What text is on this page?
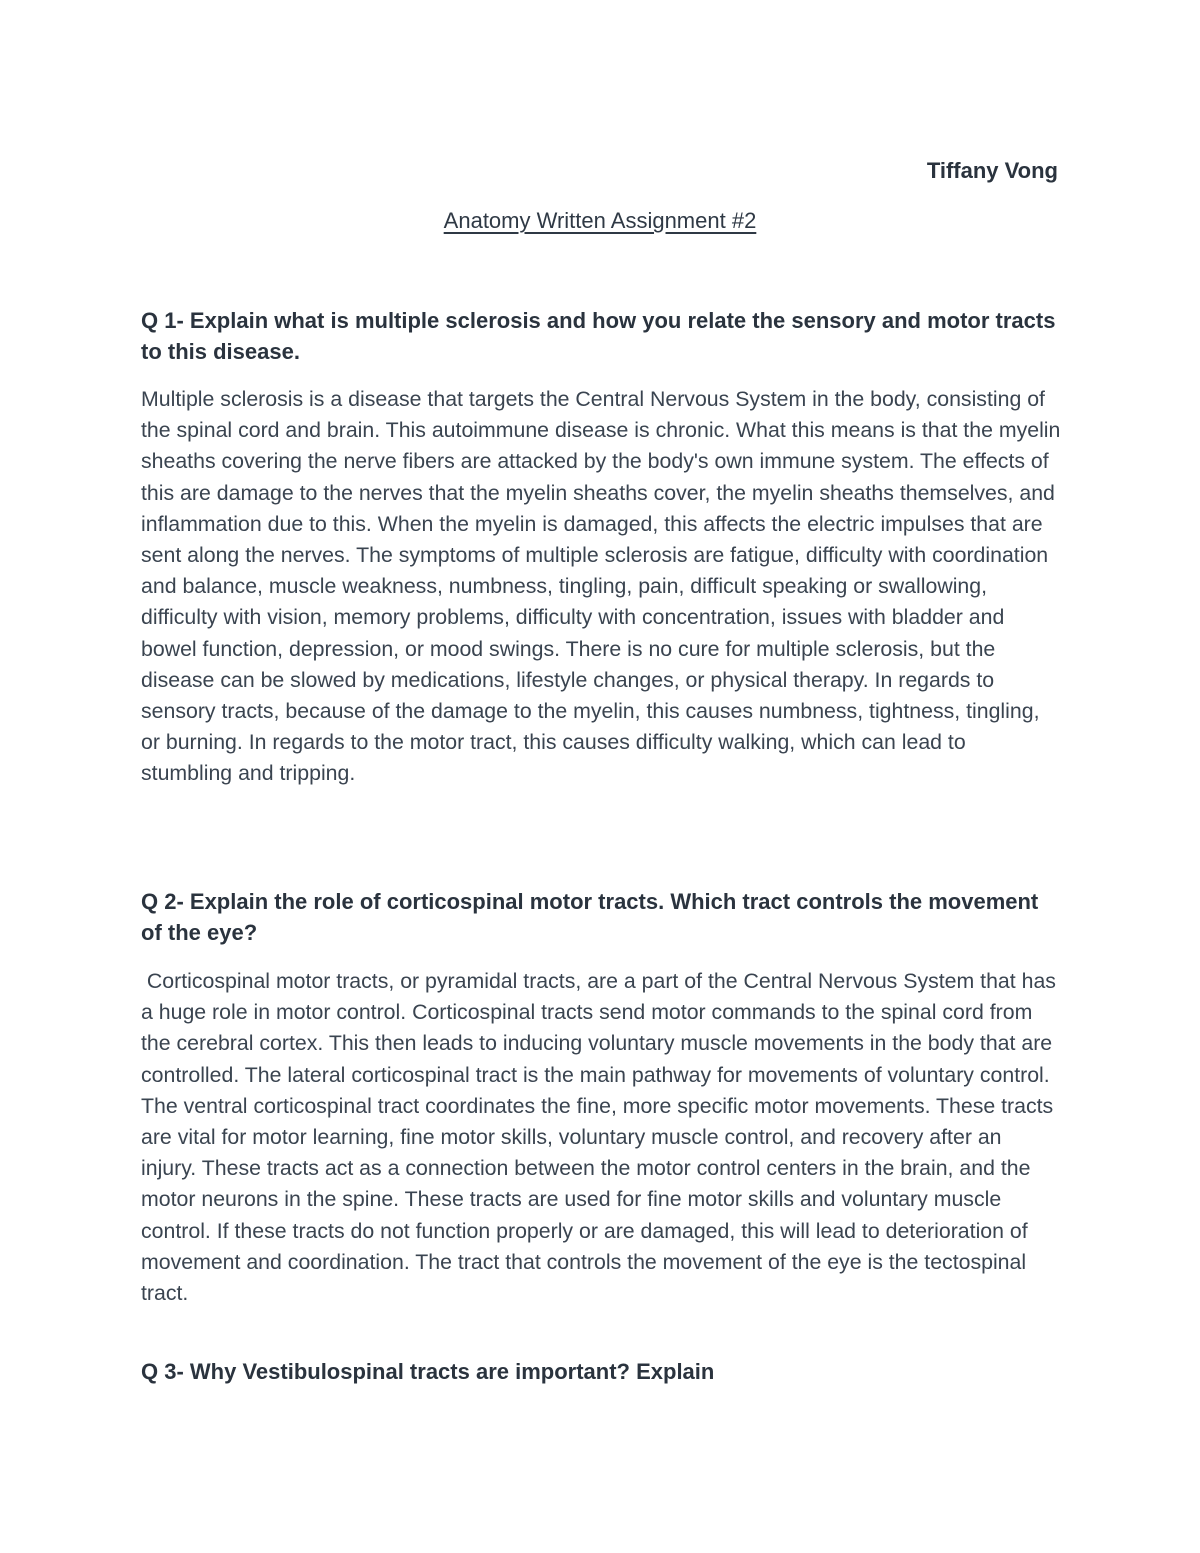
Tiffany Vong

Anatomy Written Assignment #2

Q 1- Explain what is multiple sclerosis and how you relate the sensory and motor tracts to this disease.

Multiple sclerosis is a disease that targets the Central Nervous System in the body, consisting of the spinal cord and brain. This autoimmune disease is chronic. What this means is that the myelin sheaths covering the nerve fibers are attacked by the body's own immune system. The effects of this are damage to the nerves that the myelin sheaths cover, the myelin sheaths themselves, and inflammation due to this. When the myelin is damaged, this affects the electric impulses that are sent along the nerves. The symptoms of multiple sclerosis are fatigue, difficulty with coordination and balance, muscle weakness, numbness, tingling, pain, difficult speaking or swallowing, difficulty with vision, memory problems, difficulty with concentration, issues with bladder and bowel function, depression, or mood swings. There is no cure for multiple sclerosis, but the disease can be slowed by medications, lifestyle changes, or physical therapy. In regards to sensory tracts, because of the damage to the myelin, this causes numbness, tightness, tingling, or burning. In regards to the motor tract, this causes difficulty walking, which can lead to stumbling and tripping.

Q 2- Explain the role of corticospinal motor tracts. Which tract controls the movement of the eye?

Corticospinal motor tracts, or pyramidal tracts, are a part of the Central Nervous System that has a huge role in motor control. Corticospinal tracts send motor commands to the spinal cord from the cerebral cortex. This then leads to inducing voluntary muscle movements in the body that are controlled. The lateral corticospinal tract is the main pathway for movements of voluntary control. The ventral corticospinal tract coordinates the fine, more specific motor movements. These tracts are vital for motor learning, fine motor skills, voluntary muscle control, and recovery after an injury. These tracts act as a connection between the motor control centers in the brain, and the motor neurons in the spine. These tracts are used for fine motor skills and voluntary muscle control. If these tracts do not function properly or are damaged, this will lead to deterioration of movement and coordination. The tract that controls the movement of the eye is the tectospinal tract.

Q 3- Why Vestibulospinal tracts are important? Explain
